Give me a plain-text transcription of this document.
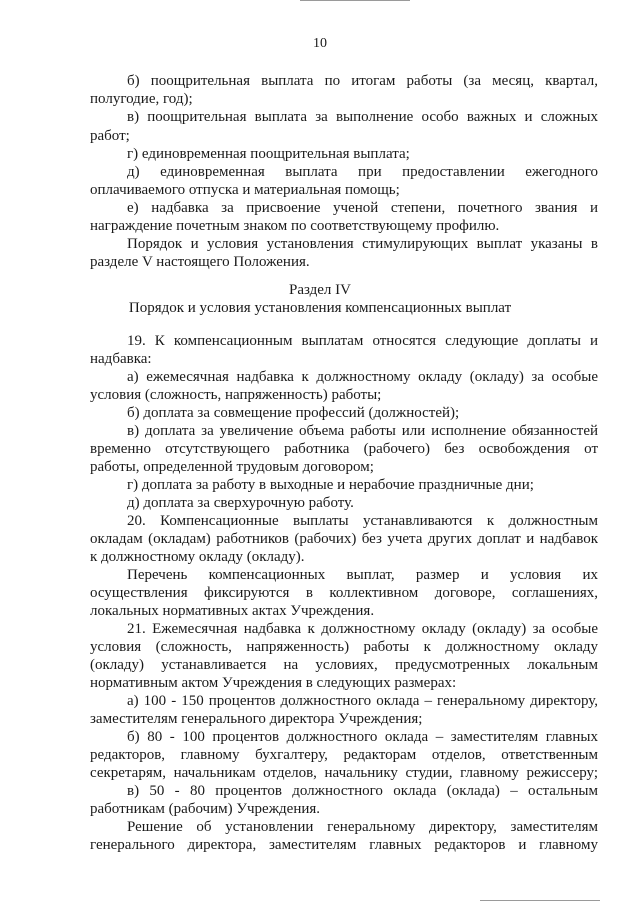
10
б) поощрительная выплата по итогам работы (за месяц, квартал,
полугодие, год);
в) поощрительная выплата за выполнение особо важных и сложных
работ;
г) единовременная поощрительная выплата;
д) единовременная выплата при предоставлении ежегодного
оплачиваемого отпуска и материальная помощь;
е) надбавка за присвоение ученой степени, почетного звания и
награждение почетным знаком по соответствующему профилю.
Порядок и условия установления стимулирующих выплат указаны в
разделе V настоящего Положения.
Раздел IV
Порядок и условия установления компенсационных выплат
19. К компенсационным выплатам относятся следующие доплаты и
надбавка:
а) ежемесячная надбавка к должностному окладу (окладу) за особые
условия (сложность, напряженность) работы;
б) доплата за совмещение профессий (должностей);
в) доплата за увеличение объема работы или исполнение обязанностей
временно отсутствующего работника (рабочего) без освобождения от
работы, определенной трудовым договором;
г) доплата за работу в выходные и нерабочие праздничные дни;
д) доплата за сверхурочную работу.
20. Компенсационные выплаты устанавливаются к должностным
окладам (окладам) работников (рабочих) без учета других доплат и надбавок
к должностному окладу (окладу).
Перечень компенсационных выплат, размер и условия их
осуществления фиксируются в коллективном договоре, соглашениях,
локальных нормативных актах Учреждения.
21. Ежемесячная надбавка к должностному окладу (окладу) за особые
условия (сложность, напряженность) работы к должностному окладу
(окладу) устанавливается на условиях, предусмотренных локальным
нормативным актом Учреждения в следующих размерах:
а) 100 - 150 процентов должностного оклада – генеральному директору,
заместителям генерального директора Учреждения;
б) 80 - 100 процентов должностного оклада – заместителям главных
редакторов, главному бухгалтеру, редакторам отделов, ответственным
секретарям, начальникам отделов, начальнику студии, главному режиссеру;
в) 50 - 80 процентов должностного оклада (оклада) – остальным
работникам (рабочим) Учреждения.
Решение об установлении генеральному директору, заместителям
генерального директора, заместителям главных редакторов и главному
